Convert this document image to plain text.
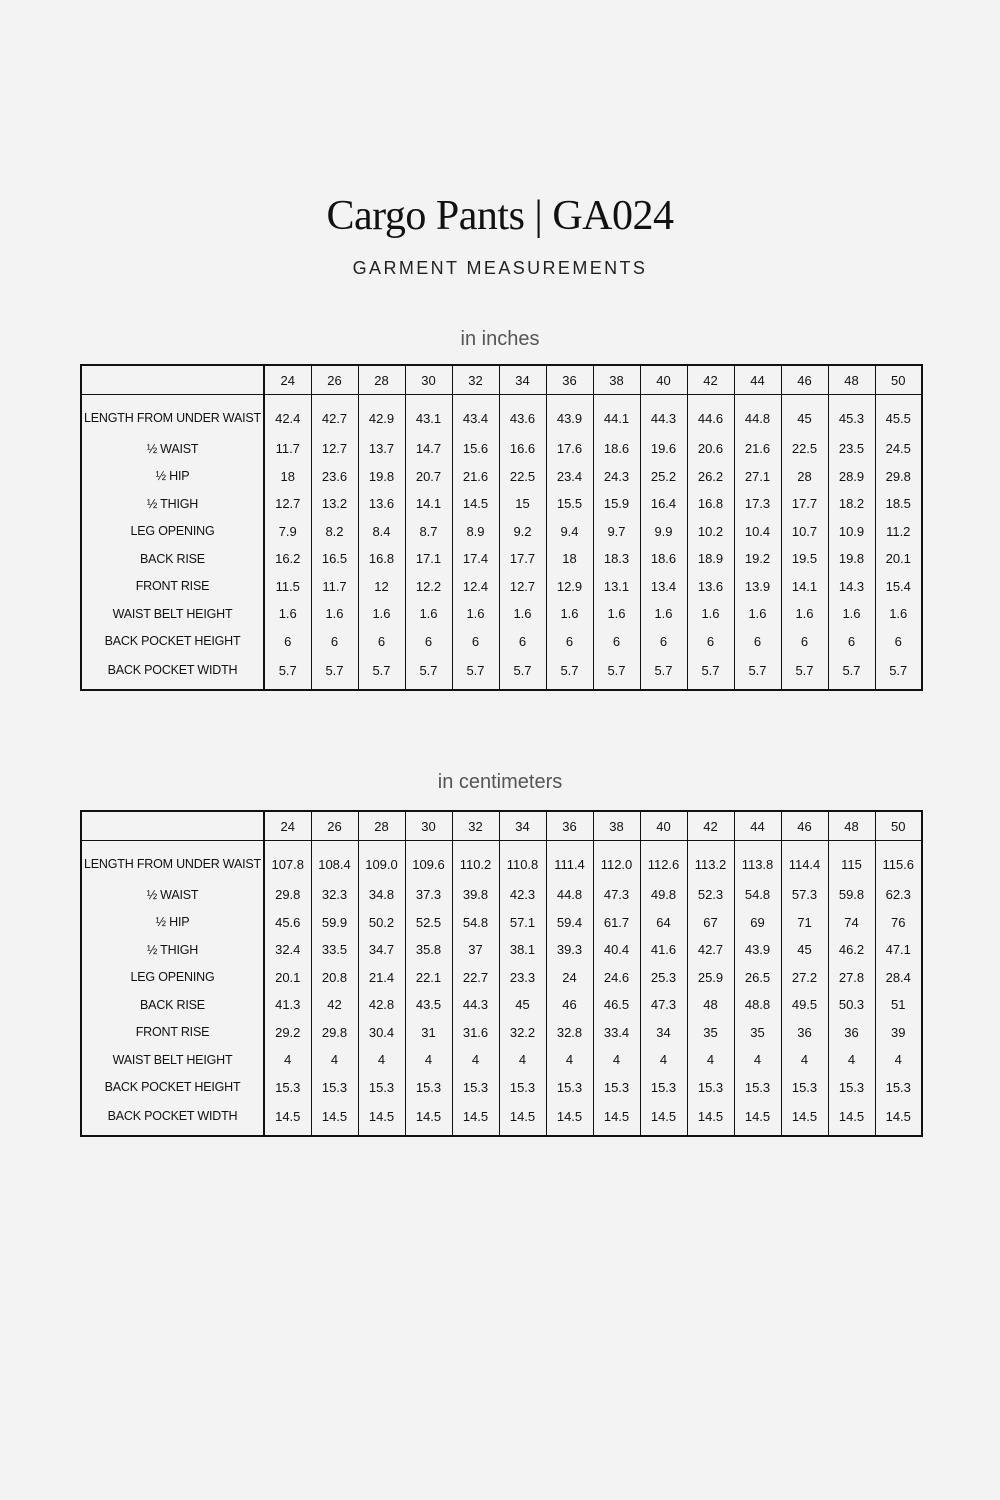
Cargo Pants | GA024
GARMENT MEASUREMENTS
in inches
	24	26	28	30	32	34	36	38	40	42	44	46	48	50
LENGTH FROM UNDER WAIST	42.4	42.7	42.9	43.1	43.4	43.6	43.9	44.1	44.3	44.6	44.8	45	45.3	45.5
½ WAIST	11.7	12.7	13.7	14.7	15.6	16.6	17.6	18.6	19.6	20.6	21.6	22.5	23.5	24.5
½ HIP	18	23.6	19.8	20.7	21.6	22.5	23.4	24.3	25.2	26.2	27.1	28	28.9	29.8
½ THIGH	12.7	13.2	13.6	14.1	14.5	15	15.5	15.9	16.4	16.8	17.3	17.7	18.2	18.5
LEG OPENING	7.9	8.2	8.4	8.7	8.9	9.2	9.4	9.7	9.9	10.2	10.4	10.7	10.9	11.2
BACK RISE	16.2	16.5	16.8	17.1	17.4	17.7	18	18.3	18.6	18.9	19.2	19.5	19.8	20.1
FRONT RISE	11.5	11.7	12	12.2	12.4	12.7	12.9	13.1	13.4	13.6	13.9	14.1	14.3	15.4
WAIST BELT HEIGHT	1.6	1.6	1.6	1.6	1.6	1.6	1.6	1.6	1.6	1.6	1.6	1.6	1.6	1.6
BACK POCKET HEIGHT	6	6	6	6	6	6	6	6	6	6	6	6	6	6
BACK POCKET WIDTH	5.7	5.7	5.7	5.7	5.7	5.7	5.7	5.7	5.7	5.7	5.7	5.7	5.7	5.7
in centimeters
	24	26	28	30	32	34	36	38	40	42	44	46	48	50
LENGTH FROM UNDER WAIST	107.8	108.4	109.0	109.6	110.2	110.8	111.4	112.0	112.6	113.2	113.8	114.4	115	115.6
½ WAIST	29.8	32.3	34.8	37.3	39.8	42.3	44.8	47.3	49.8	52.3	54.8	57.3	59.8	62.3
½ HIP	45.6	59.9	50.2	52.5	54.8	57.1	59.4	61.7	64	67	69	71	74	76
½ THIGH	32.4	33.5	34.7	35.8	37	38.1	39.3	40.4	41.6	42.7	43.9	45	46.2	47.1
LEG OPENING	20.1	20.8	21.4	22.1	22.7	23.3	24	24.6	25.3	25.9	26.5	27.2	27.8	28.4
BACK RISE	41.3	42	42.8	43.5	44.3	45	46	46.5	47.3	48	48.8	49.5	50.3	51
FRONT RISE	29.2	29.8	30.4	31	31.6	32.2	32.8	33.4	34	35	35	36	36	39
WAIST BELT HEIGHT	4	4	4	4	4	4	4	4	4	4	4	4	4	4
BACK POCKET HEIGHT	15.3	15.3	15.3	15.3	15.3	15.3	15.3	15.3	15.3	15.3	15.3	15.3	15.3	15.3
BACK POCKET WIDTH	14.5	14.5	14.5	14.5	14.5	14.5	14.5	14.5	14.5	14.5	14.5	14.5	14.5	14.5
